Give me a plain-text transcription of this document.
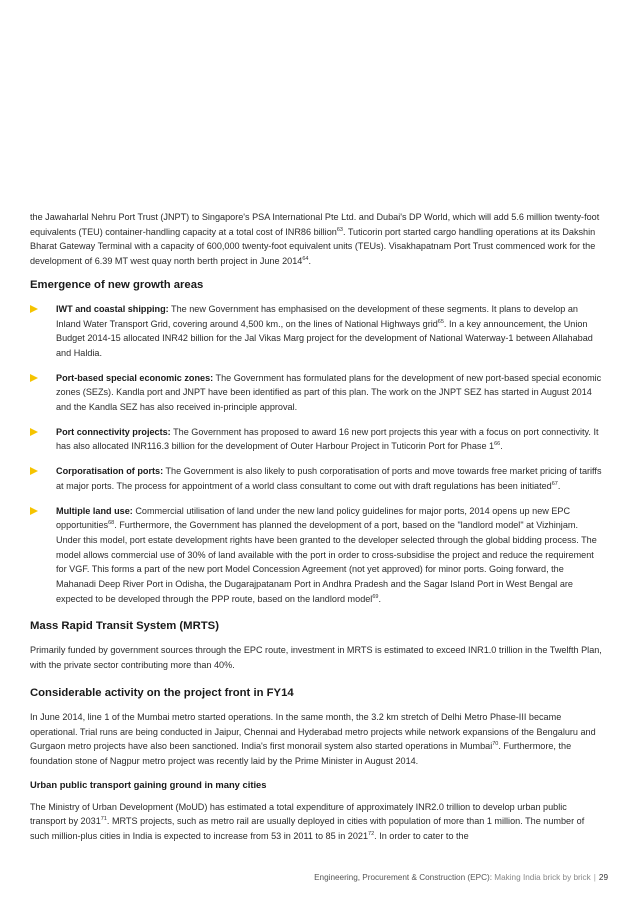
the Jawaharlal Nehru Port Trust (JNPT) to Singapore's PSA International Pte Ltd. and Dubai's DP World, which will add 5.6 million twenty-foot equivalents (TEU) container-handling capacity at a total cost of INR86 billion$^{63}$. Tuticorin port started cargo handling operations at its Dakshin Bharat Gateway Terminal with a capacity of 600,000 twenty-foot equivalent units (TEUs). Visakhapatnam Port Trust commenced work for the development of 6.39 MT west quay north berth project in June 2014$^{64}$.

Emergence of new growth areas
IWT and coastal shipping: The new Government has emphasised on the development of these segments. It plans to develop an Inland Water Transport Grid, covering around 4,500 km., on the lines of National Highways grid$^{65}$. In a key announcement, the Union Budget 2014-15 allocated INR42 billion for the Jal Vikas Marg project for the development of National Waterway-1 between Allahabad and Haldia.
Port-based special economic zones: The Government has formulated plans for the development of new port-based special economic zones (SEZs). Kandla port and JNPT have been identified as part of this plan. The work on the JNPT SEZ has started in August 2014 and the Kandla SEZ has also received in-principle approval.
Port connectivity projects: The Government has proposed to award 16 new port projects this year with a focus on port connectivity. It has also allocated INR116.3 billion for the development of Outer Harbour Project in Tuticorin Port for Phase $1^{66}$.
Corporatisation of ports: The Government is also likely to push corporatisation of ports and move towards free market pricing of tariffs at major ports. The process for appointment of a world class consultant to come out with draft regulations has been initiated$^{67}$.
Multiple land use: Commercial utilisation of land under the new land policy guidelines for major ports, 2014 opens up new EPC opportunities$^{68}$. Furthermore, the Government has planned the development of a port, based on the "landlord model" at Vizhinjam. Under this model, port estate development rights have been granted to the developer selected through the global bidding process. The model allows commercial use of 30% of land available with the port in order to cross-subsidise the project and reduce the requirement for VGF. This forms a part of the new port Model Concession Agreement (not yet approved) for minor ports. Going forward, the Mahanadi Deep River Port in Odisha, the Dugarajpatanam Port in Andhra Pradesh and the Sagar Island Port in West Bengal are expected to be developed through the PPP route, based on the landlord model$^{69}$.
Mass Rapid Transit System (MRTS)

Primarily funded by government sources through the EPC route, investment in MRTS is estimated to exceed INR1.0 trillion in the Twelfth Plan, with the private sector contributing more than 40%.

Considerable activity on the project front in FY14

In June 2014, line 1 of the Mumbai metro started operations. In the same month, the 3.2 km stretch of Delhi Metro Phase-III became operational. Trial runs are being conducted in Jaipur, Chennai and Hyderabad metro projects while network expansions of the Bengaluru and Gurgaon metro projects have also been sanctioned. India's first monorail system also started operations in Mumbai$^{70}$. Furthermore, the foundation stone of Nagpur metro project was recently laid by the Prime Minister in August 2014.

Urban public transport gaining ground in many cities

The Ministry of Urban Development (MoUD) has estimated a total expenditure of approximately INR2.0 trillion to develop urban public transport by 2031$^{71}$. MRTS projects, such as metro rail are usually deployed in cities with population of more than 1 million. The number of such million-plus cities in India is expected to increase from 53 in 2011 to 85 in 2021$^{72}$. In order to cater to the

Engineering, Procurement & Construction (EPC): Making India brick by brick | 29
